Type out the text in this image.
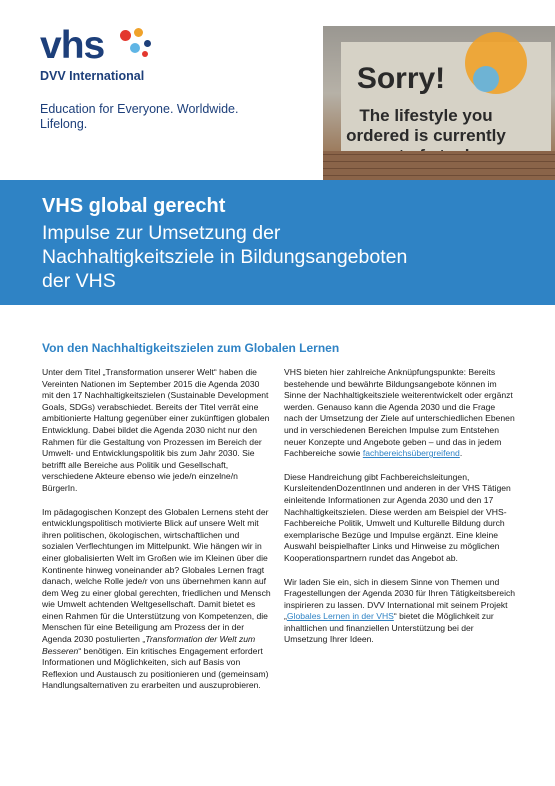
vhs
DVV International
Education for Everyone. Worldwide.
Lifelong.
Sorry!
The lifestyle you ordered is currently
VHS global gerecht
Impulse zur Umsetzung der Nachhaltigkeitsziele in Bildungsangeboten der VHS
Von den Nachhaltigkeitszielen zum Globalen Lernen

Unter dem Titel „Transformation unserer Welt“ haben die Vereinten Nationen im September 2015 die Agenda 2030 mit den 17 Nachhaltigkeitszielen (Sustainable Development Goals, SDGs) verabschiedet. Bereits der Titel verrät eine ambitionierte Haltung gegenüber einer zukünftigen globalen Entwicklung. Dabei bildet die Agenda 2030 nicht nur den Rahmen für die Gestaltung von Prozessen im Bereich der Umwelt- und Entwicklungspolitik bis zum Jahr 2030. Sie betrifft alle Bereiche aus Politik und Gesellschaft, verschiedene Akteure ebenso wie jede/n einzelne/n BürgerIn.

Im pädagogischen Konzept des Globalen Lernens steht der entwicklungspolitisch motivierte Blick auf unsere Welt mit ihren politischen, ökologischen, wirtschaftlichen und sozialen Verflechtungen im Mittelpunkt. Wie hängen wir in einer globalisierten Welt im Großen wie im Kleinen über die Kontinente hinweg voneinander ab? Globales Lernen fragt danach, welche Rolle jede/r von uns übernehmen kann auf dem Weg zu einer global gerechten, friedlichen und Mensch wie Umwelt achtenden Weltgesellschaft. Damit bietet es einen Rahmen für die Unterstützung von Kompetenzen, die Menschen für eine Beteiligung am Prozess der in der Agenda 2030 postulierten „Transformation der Welt zum Besseren“ benötigen. Ein kritisches Engagement erfordert Informationen und Möglichkeiten, sich auf Basis von Reflexion und Austausch zu positionieren und (gemeinsam) Handlungsalternativen zu erarbeiten und auszuprobieren.

VHS bieten hier zahlreiche Anknüpfungspunkte: Bereits bestehende und bewährte Bildungsangebote können im Sinne der Nachhaltigkeitsziele weiterentwickelt oder ergänzt werden. Genauso kann die Agenda 2030 und die Frage nach der Umsetzung der Ziele auf unterschiedlichen Ebenen und in verschiedenen Bereichen Impulse zum Entstehen neuer Konzepte und Angebote geben – und das in jedem Fachbereiche sowie fachbereichsübergreifend.

Diese Handreichung gibt Fachbereichsleitungen, KursleitendenDozentInnen und anderen in der VHS Tätigen einleitende Informationen zur Agenda 2030 und den 17 Nachhaltigkeitszielen. Diese werden am Beispiel der VHS-Fachbereiche Politik, Umwelt und Kulturelle Bildung durch exemplarische Bezüge und Impulse ergänzt. Eine kleine Auswahl beispielhafter Links und Hinweise zu möglichen Kooperationspartnern rundet das Angebot ab.

Wir laden Sie ein, sich in diesem Sinne von Themen und Fragestellungen der Agenda 2030 für Ihren Tätigkeitsbereich inspirieren zu lassen. DVV International mit seinem Projekt „Globales Lernen in der VHS“ bietet die Möglichkeit zur inhaltlichen und finanziellen Unterstützung bei der Umsetzung Ihrer Ideen.
